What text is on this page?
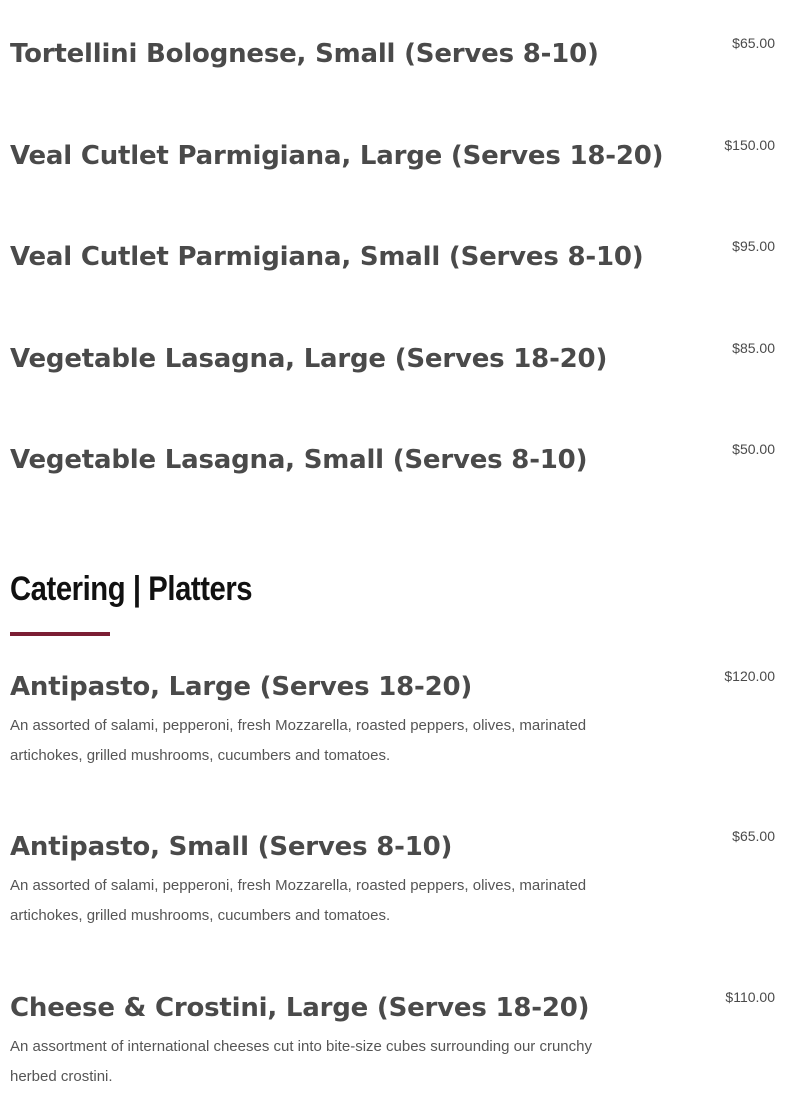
Tortellini Bolognese, Small (Serves 8-10)	$65.00
Veal Cutlet Parmigiana, Large (Serves 18-20)	$150.00
Veal Cutlet Parmigiana, Small (Serves 8-10)	$95.00
Vegetable Lasagna, Large (Serves 18-20)	$85.00
Vegetable Lasagna, Small (Serves 8-10)	$50.00
Catering | Platters
Antipasto, Large (Serves 18-20)	$120.00
An assorted of salami, pepperoni, fresh Mozzarella, roasted peppers, olives, marinated artichokes, grilled mushrooms, cucumbers and tomatoes.
Antipasto, Small (Serves 8-10)	$65.00
An assorted of salami, pepperoni, fresh Mozzarella, roasted peppers, olives, marinated artichokes, grilled mushrooms, cucumbers and tomatoes.
Cheese & Crostini, Large (Serves 18-20)	$110.00
An assortment of international cheeses cut into bite-size cubes surrounding our crunchy herbed crostini.
